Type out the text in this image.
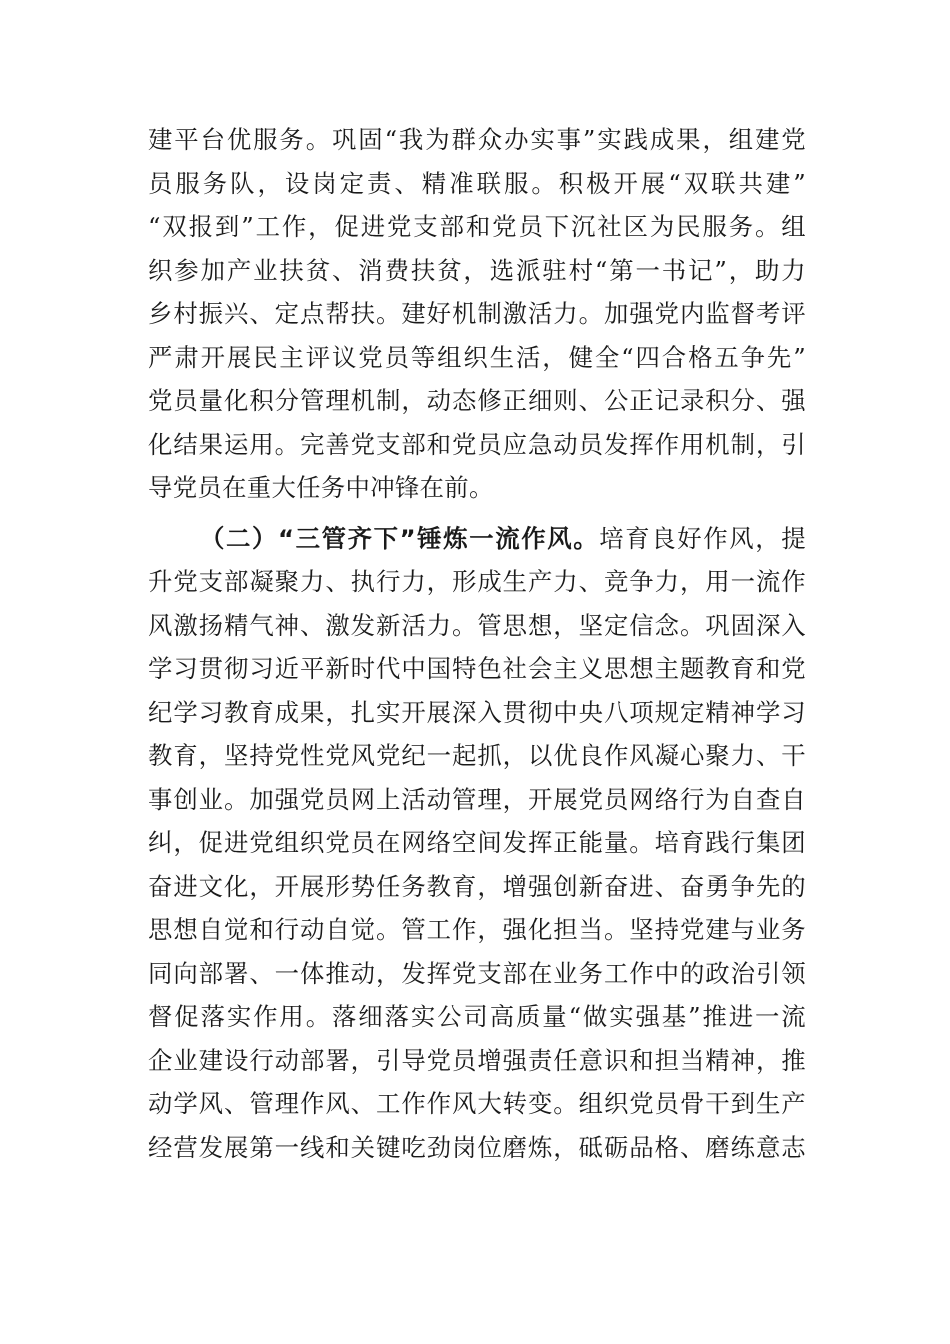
建平台优服务。巩固“我为群众办实事”实践成果，组建党
员服务队，设岗定责、精准联服。积极开展“双联共建”
“双报到”工作，促进党支部和党员下沉社区为民服务。组
织参加产业扶贫、消费扶贫，选派驻村“第一书记”，助力
乡村振兴、定点帮扶。建好机制激活力。加强党内监督考评
严肃开展民主评议党员等组织生活，健全“四合格五争先”
党员量化积分管理机制，动态修正细则、公正记录积分、强
化结果运用。完善党支部和党员应急动员发挥作用机制，引
导党员在重大任务中冲锋在前。
（二）“三管齐下”锤炼一流作风。培育良好作风，提
升党支部凝聚力、执行力，形成生产力、竞争力，用一流作
风激扬精气神、激发新活力。管思想，坚定信念。巩固深入
学习贯彻习近平新时代中国特色社会主义思想主题教育和党
纪学习教育成果，扎实开展深入贯彻中央八项规定精神学习
教育，坚持党性党风党纪一起抓，以优良作风凝心聚力、干
事创业。加强党员网上活动管理，开展党员网络行为自查自
纠，促进党组织党员在网络空间发挥正能量。培育践行集团
奋进文化，开展形势任务教育，增强创新奋进、奋勇争先的
思想自觉和行动自觉。管工作，强化担当。坚持党建与业务
同向部署、一体推动，发挥党支部在业务工作中的政治引领
督促落实作用。落细落实公司高质量“做实强基”推进一流
企业建设行动部署，引导党员增强责任意识和担当精神，推
动学风、管理作风、工作作风大转变。组织党员骨干到生产
经营发展第一线和关键吃劲岗位磨炼，砥砺品格、磨练意志
